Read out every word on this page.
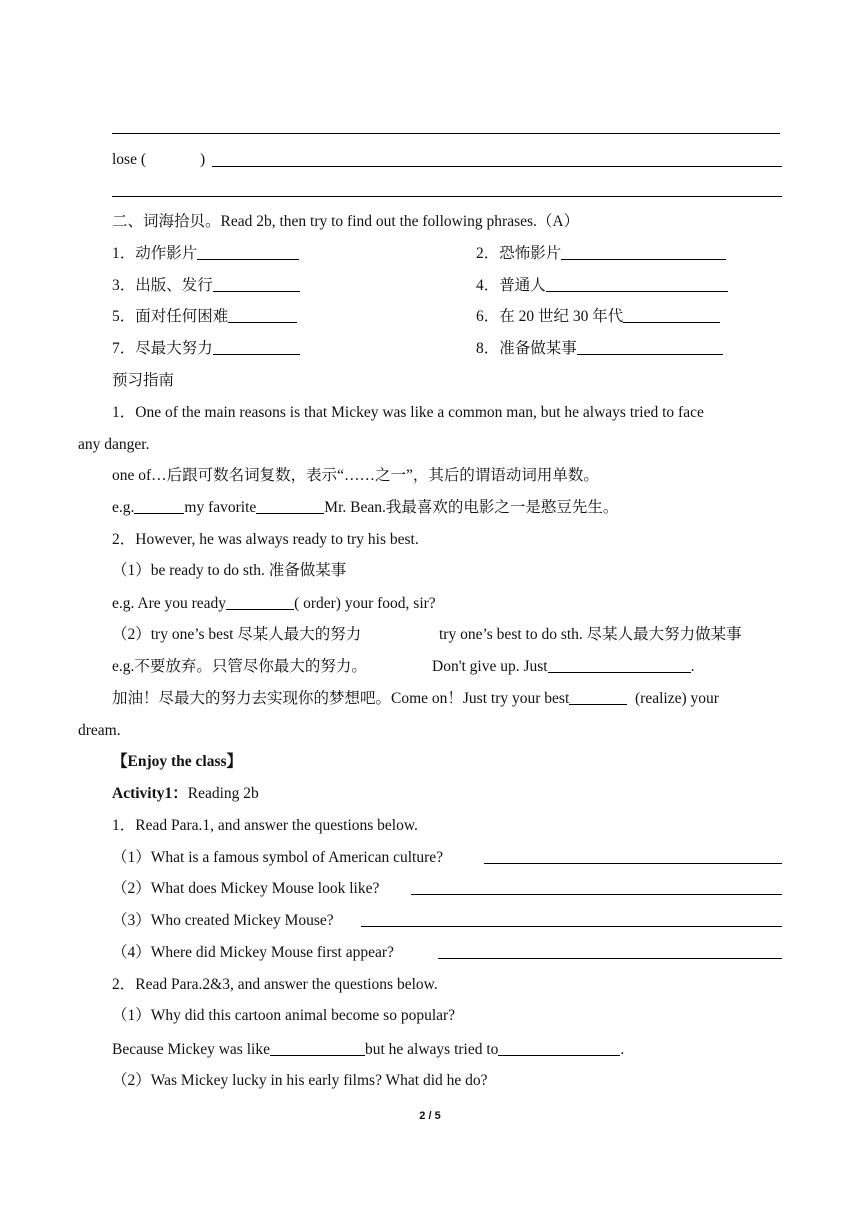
lose (	)
二、词海拾贝。Read 2b, then try to find out the following phrases.（A）
1．动作影片	2．恐怖影片
3．出版、发行	4．普通人
5．面对任何困难	6．在 20 世纪 30 年代
7．尽最大努力	8．准备做某事
预习指南
1．One of the main reasons is that Mickey was like a common man, but he always tried to face
any danger.
one of…后跟可数名词复数，表示“……之一”，其后的谓语动词用单数。
e.g.	my favorite	Mr. Bean.我最喜欢的电影之一是憨豆先生。
2．However, he was always ready to try his best.
（1）be ready to do sth. 准备做某事
e.g. Are you ready	( order) your food, sir?
（2）try one’s best 尽某人最大的努力	try one’s best to do sth. 尽某人最大努力做某事
e.g.不要放弃。只管尽你最大的努力。	Don't give up. Just	.
加油！尽最大的努力去实现你的梦想吧。Come on！Just try your best	(realize) your
dream.
【Enjoy the class】
Activity1：Reading 2b
1．Read Para.1, and answer the questions below.
（1）What is a famous symbol of American culture?
（2）What does Mickey Mouse look like?
（3）Who created Mickey Mouse?
（4）Where did Mickey Mouse first appear?
2．Read Para.2&3, and answer the questions below.
（1）Why did this cartoon animal become so popular?
Because Mickey was like	but he always tried to	.
（2）Was Mickey lucky in his early films? What did he do?
2 / 5
